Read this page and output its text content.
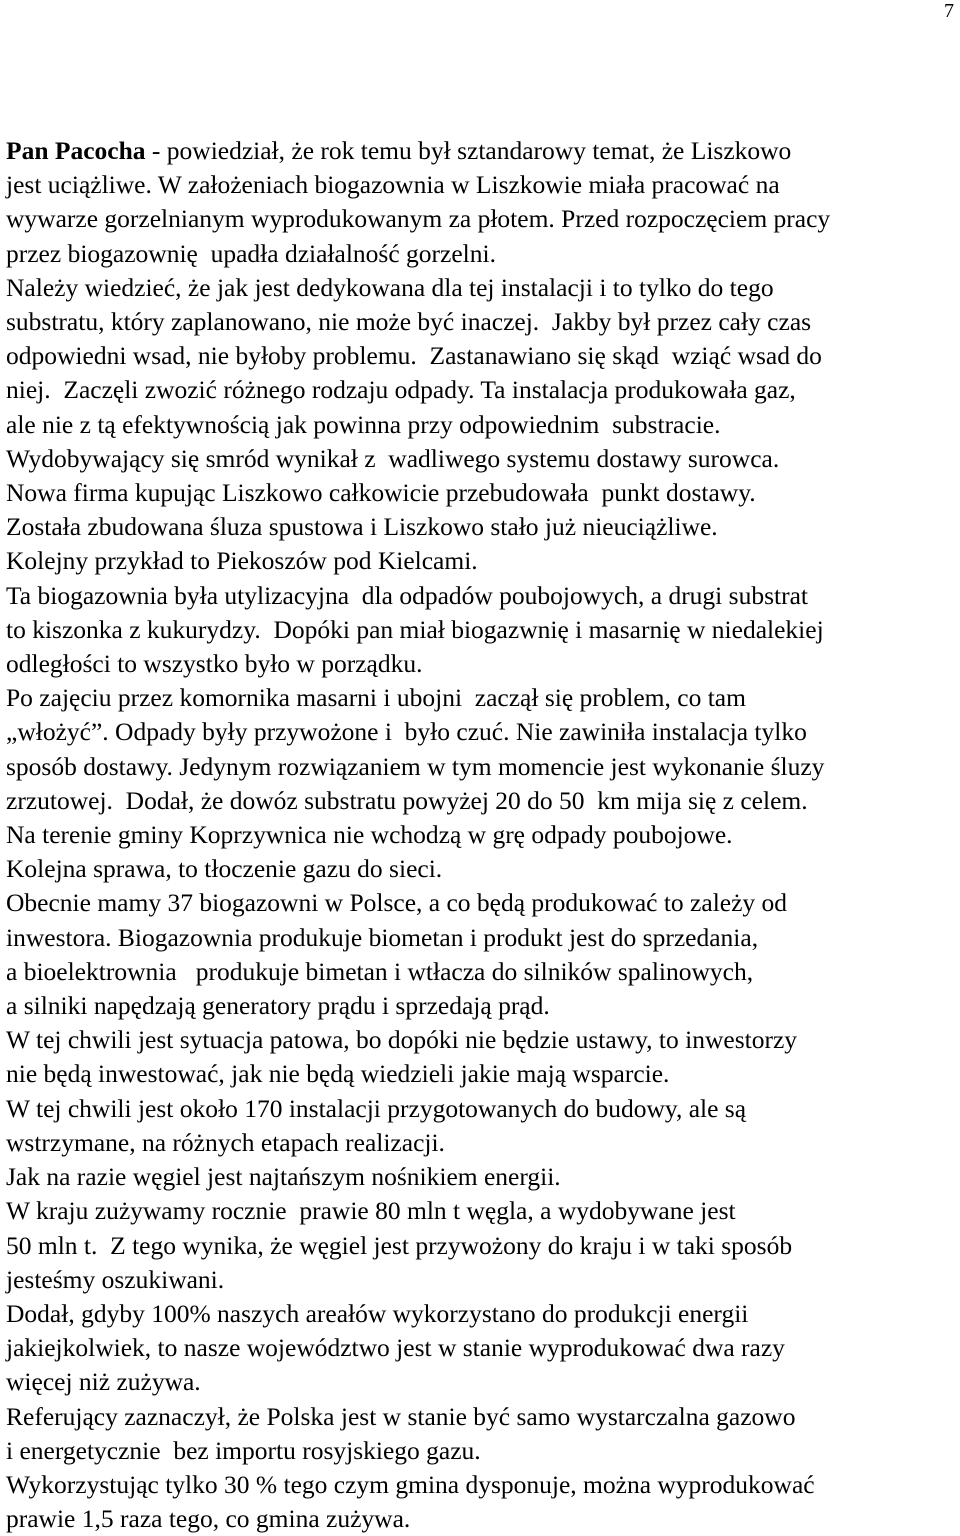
7
Pan Pacocha - powiedział, że rok temu był sztandarowy temat, że Liszkowo
jest uciążliwe. W założeniach biogazownia w Liszkowie miała pracować na
wywarze gorzelnianym wyprodukowanym za płotem. Przed rozpoczęciem pracy
przez biogazownię  upadła działalność gorzelni.
Należy wiedzieć, że jak jest dedykowana dla tej instalacji i to tylko do tego
substratu, który zaplanowano, nie może być inaczej.  Jakby był przez cały czas
odpowiedni wsad, nie byłoby problemu.  Zastanawiano się skąd  wziąć wsad do
niej.  Zaczęli zwozić różnego rodzaju odpady. Ta instalacja produkowała gaz,
ale nie z tą efektywnością jak powinna przy odpowiednim  substracie.
Wydobywający się smród wynikał z  wadliwego systemu dostawy surowca.
Nowa firma kupując Liszkowo całkowicie przebudowała  punkt dostawy.
Została zbudowana śluza spustowa i Liszkowo stało już nieuciążliwe.
Kolejny przykład to Piekoszów pod Kielcami.
Ta biogazownia była utylizacyjna  dla odpadów poubojowych, a drugi substrat
to kiszonka z kukurydzy.  Dopóki pan miał biogazwnię i masarnię w niedalekiej
odległości to wszystko było w porządku.
Po zajęciu przez komornika masarni i ubojni  zaczął się problem, co tam
„włożyć”. Odpady były przywożone i  było czuć. Nie zawiniła instalacja tylko
sposób dostawy. Jedynym rozwiązaniem w tym momencie jest wykonanie śluzy
zrzutowej.  Dodał, że dowóz substratu powyżej 20 do 50  km mija się z celem.
Na terenie gminy Koprzywnica nie wchodzą w grę odpady poubojowe.
Kolejna sprawa, to tłoczenie gazu do sieci.
Obecnie mamy 37 biogazowni w Polsce, a co będą produkować to zależy od
inwestora. Biogazownia produkuje biometan i produkt jest do sprzedania,
a bioelektrownia   produkuje bimetan i wtłacza do silników spalinowych,
a silniki napędzają generatory prądu i sprzedają prąd.
W tej chwili jest sytuacja patowa, bo dopóki nie będzie ustawy, to inwestorzy
nie będą inwestować, jak nie będą wiedzieli jakie mają wsparcie.
W tej chwili jest około 170 instalacji przygotowanych do budowy, ale są
wstrzymane, na różnych etapach realizacji.
Jak na razie węgiel jest najtańszym nośnikiem energii.
W kraju zużywamy rocznie  prawie 80 mln t węgla, a wydobywane jest
50 mln t.  Z tego wynika, że węgiel jest przywożony do kraju i w taki sposób
jesteśmy oszukiwani.
Dodał, gdyby 100% naszych areałów wykorzystano do produkcji energii
jakiejkolwiek, to nasze województwo jest w stanie wyprodukować dwa razy
więcej niż zużywa.
Referujący zaznaczył, że Polska jest w stanie być samo wystarczalna gazowo
i energetycznie  bez importu rosyjskiego gazu.
Wykorzystując tylko 30 % tego czym gmina dysponuje, można wyprodukować
prawie 1,5 raza tego, co gmina zużywa.
